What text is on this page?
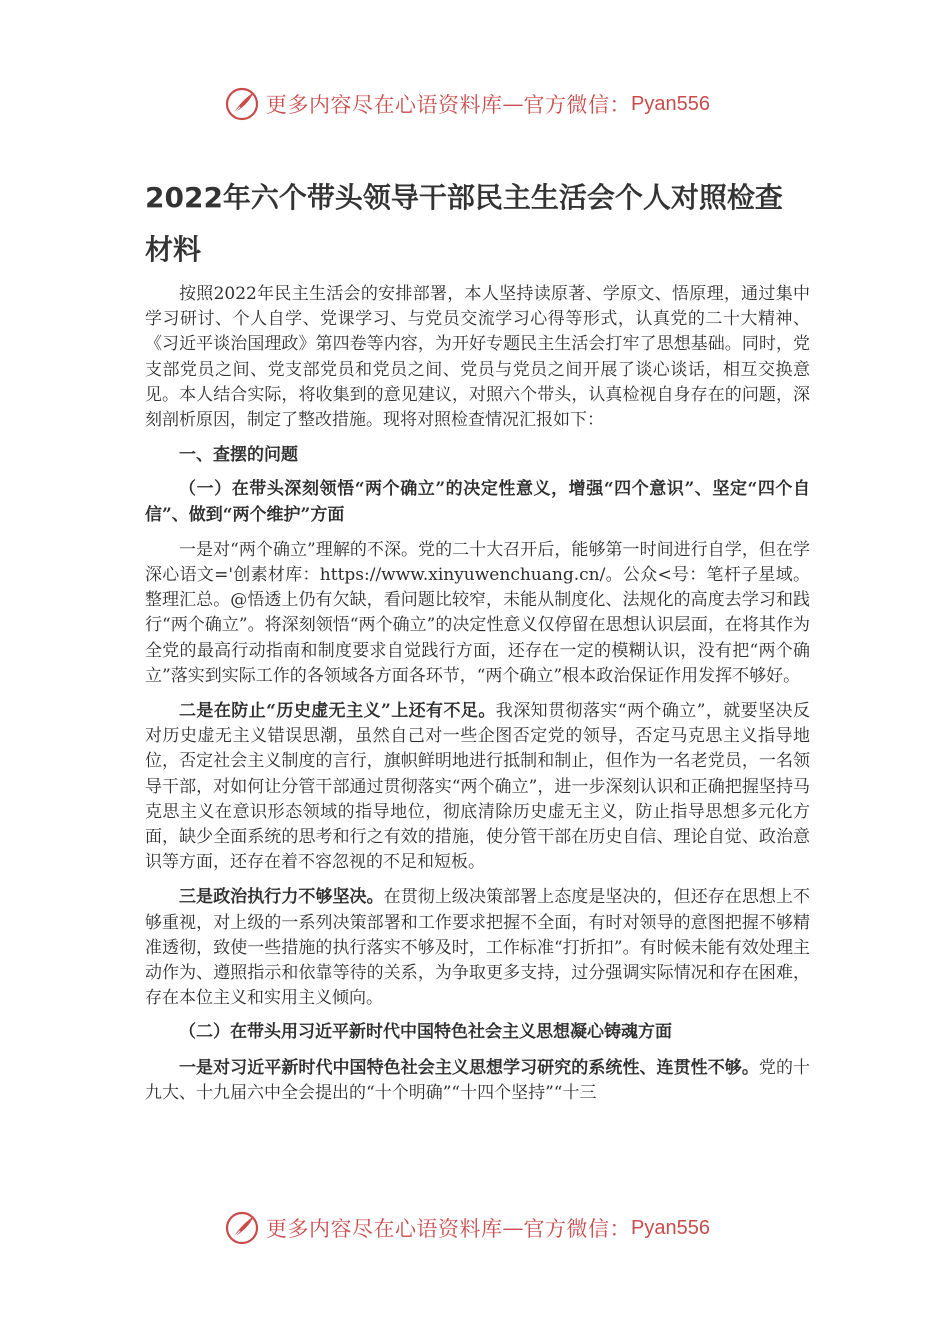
更多内容尽在心语资料库 — 官方微信： Pyan556
2022年六个带头领导干部民主生活会个人对照检查材料

按照2022年民主生活会的安排部署，本人坚持读原著、学原文、悟原理，通过集中学习研讨、个人自学、党课学习、与党员交流学习心得等形式，认真党的二十大精神、《习近平谈治国理政》第四卷等内容，为开好专题民主生活会打牢了思想基础。同时，党支部党员之间、党支部党员和党员之间、党员与党员之间开展了谈心谈话，相互交换意见。本人结合实际，将收集到的意见建议，对照六个带头，认真检视自身存在的问题，深刻剖析原因，制定了整改措施。现将对照检查情况汇报如下：

一、查摆的问题

（一）在带头深刻领悟“两个确立”的决定性意义，增强“四个意识”、坚定“四个自信”、做到“两个维护”方面

一是对“两个确立”理解的不深。党的二十大召开后，能够第一时间进行自学，但在学深心语文='创素材库：https://www.xinyuwenchuang.cn/。公众<号：笔杆子星域。整理汇总。@悟透上仍有欠缺，看问题比较窄，未能从制度化、法规化的高度去学习和践行“两个确立”。将深刻领悟“两个确立”的决定性意义仅停留在思想认识层面，在将其作为全党的最高行动指南和制度要求自觉践行方面，还存在一定的模糊认识，没有把“两个确立”落实到实际工作的各领域各方面各环节，“两个确立”根本政治保证作用发挥不够好。

二是在防止“历史虚无主义”上还有不足。我深知贯彻落实“两个确立”，就要坚决反对历史虚无主义错误思潮，虽然自己对一些企图否定党的领导，否定马克思主义指导地位，否定社会主义制度的言行，旗帜鲜明地进行抵制和制止，但作为一名老党员，一名领导干部，对如何让分管干部通过贯彻落实“两个确立”，进一步深刻认识和正确把握坚持马克思主义在意识形态领域的指导地位，彻底清除历史虚无主义，防止指导思想多元化方面，缺少全面系统的思考和行之有效的措施，使分管干部在历史自信、理论自觉、政治意识等方面，还存在着不容忽视的不足和短板。

三是政治执行力不够坚决。在贯彻上级决策部署上态度是坚决的，但还存在思想上不够重视，对上级的一系列决策部署和工作要求把握不全面，有时对领导的意图把握不够精准透彻，致使一些措施的执行落实不够及时，工作标准“打折扣”。有时候未能有效处理主动作为、遵照指示和依靠等待的关系，为争取更多支持，过分强调实际情况和存在困难，存在本位主义和实用主义倾向。

（二）在带头用习近平新时代中国特色社会主义思想凝心铸魂方面

一是对习近平新时代中国特色社会主义思想学习研究的系统性、连贯性不够。党的十九大、十九届六中全会提出的“十个明确”“十四个坚持”“十三

更多内容尽在心语资料库 — 官方微信： Pyan556
